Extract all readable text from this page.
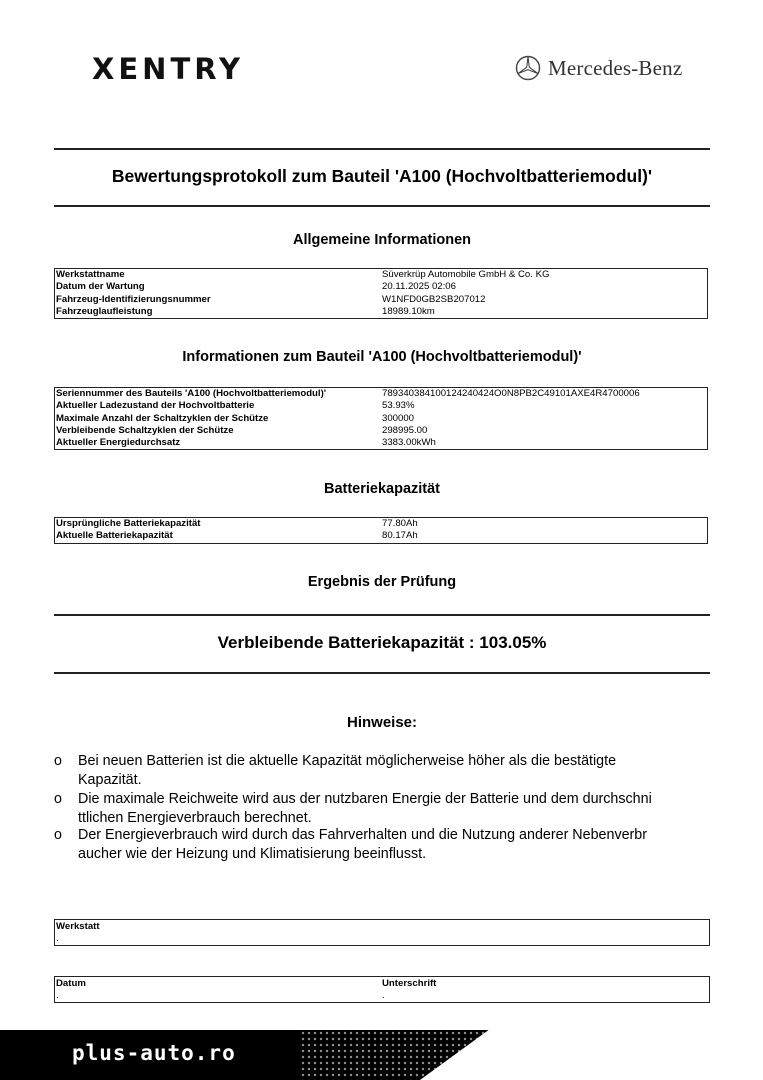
XENTRY	Mercedes-Benz
Bewertungsprotokoll zum Bauteil 'A100 (Hochvoltbatteriemodul)'
Allgemeine Informationen
Werkstattname	Süverkrüp Automobile GmbH & Co. KG
Datum der Wartung	20.11.2025 02:06
Fahrzeug-Identifizierungsnummer	W1NFD0GB2SB207012
Fahrzeuglaufleistung	18989.10km
Informationen zum Bauteil 'A100 (Hochvoltbatteriemodul)'
Seriennummer des Bauteils 'A100 (Hochvoltbatteriemodul)'	789340384100124240424O0N8PB2C49101AXE4R4700006
Aktueller Ladezustand der Hochvoltbatterie	53.93%
Maximale Anzahl der Schaltzyklen der Schütze	300000
Verbleibende Schaltzyklen der Schütze	298995.00
Aktueller Energiedurchsatz	3383.00kWh
Batteriekapazität
Ursprüngliche Batteriekapazität	77.80Ah
Aktuelle Batteriekapazität	80.17Ah
Ergebnis der Prüfung
Verbleibende Batteriekapazität : 103.05%
Hinweise:
o Bei neuen Batterien ist die aktuelle Kapazität möglicherweise höher als die bestätigte
Kapazität.
o Die maximale Reichweite wird aus der nutzbaren Energie der Batterie und dem durchschni
ttlichen Energieverbrauch berechnet.
o Der Energieverbrauch wird durch das Fahrverhalten und die Nutzung anderer Nebenverbr
aucher wie der Heizung und Klimatisierung beeinflusst.
Werkstatt
.
Datum
.
Unterschrift
.
plus-auto.ro
